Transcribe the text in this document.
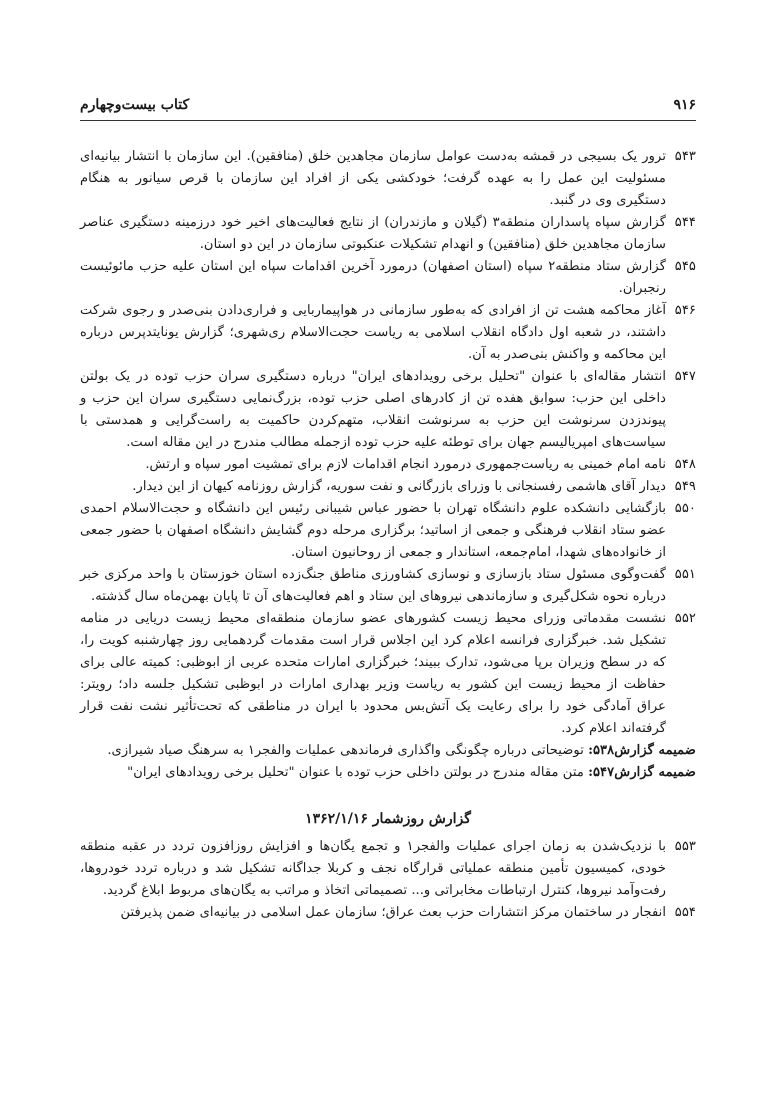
۹۱۶
کتاب بیست‌وچهارم
۵۴۳
ترور یک بسیجی در قمشه به‌دست عوامل سازمان مجاهدین خلق (منافقین). این سازمان با انتشار بیانیه‌ای مسئولیت این عمل را به عهده گرفت؛ خودکشی یکی از افراد این سازمان با قرص سیانور به هنگام دستگیری وی در گنبد.
۵۴۴
گزارش سپاه پاسداران منطقه۳ (گیلان و مازندران) از نتایج فعالیت‌های اخیر خود درزمینه دستگیری عناصر سازمان مجاهدین خلق (منافقین) و انهدام تشکیلات عنکبوتی سازمان در این دو استان.
۵۴۵
گزارش ستاد منطقه۲ سپاه (استان اصفهان) درمورد آخرین اقدامات سپاه این استان علیه حزب مائوئیست رنجبران.
۵۴۶
آغاز محاکمه هشت تن از افرادی که به‌طور سازمانی در هواپیماربایی و فراری‌دادن بنی‌صدر و رجوی شرکت داشتند، در شعبه اول دادگاه انقلاب اسلامی به ریاست حجت‌الاسلام ری‌شهری؛ گزارش یونایتدپرس درباره این محاکمه و واکنش بنی‌صدر به آن.
۵۴۷
انتشار مقاله‌ای با عنوان "تحلیل برخی رویدادهای ایران" درباره دستگیری سران حزب توده در یک بولتن داخلی این حزب: سوابق هفده تن از کادرهای اصلی حزب توده، بزرگ‌نمایی دستگیری سران این حزب و پیوندزدن سرنوشت این حزب به سرنوشت انقلاب، متهم‌کردن حاکمیت به راست‌گرایی و همدستی با سیاست‌های امپریالیسم جهان برای توطئه علیه حزب توده ازجمله مطالب مندرج در این مقاله است.
۵۴۸
نامه امام خمینی به ریاست‌جمهوری درمورد انجام اقدامات لازم برای تمشیت امور سپاه و ارتش.
۵۴۹
دیدار آقای هاشمی رفسنجانی با وزرای بازرگانی و نفت سوریه، گزارش روزنامه کیهان از این دیدار.
۵۵۰
بازگشایی دانشکده علوم دانشگاه تهران با حضور عباس شیبانی رئیس این دانشگاه و حجت‌الاسلام احمدی عضو ستاد انقلاب فرهنگی و جمعی از اساتید؛ برگزاری مرحله دوم گشایش دانشگاه اصفهان با حضور جمعی از خانواده‌های شهدا، امام‌جمعه، استاندار و جمعی از روحانیون استان.
۵۵۱
گفت‌وگوی مسئول ستاد بازسازی و نوسازی کشاورزی مناطق جنگ‌زده استان خوزستان با واحد مرکزی خبر درباره نحوه شکل‌گیری و سازماندهی نیروهای این ستاد و اهم فعالیت‌های آن تا پایان بهمن‌ماه سال گذشته.
۵۵۲
نشست مقدماتی وزرای محیط زیست کشورهای عضو سازمان منطقه‌ای محیط زیست دریایی در منامه تشکیل شد. خبرگزاری فرانسه اعلام کرد این اجلاس قرار است مقدمات گردهمایی روز چهارشنبه کویت را، که در سطح وزیران برپا می‌شود، تدارک ببیند؛ خبرگزاری امارات متحده عربی از ابوظبی: کمیته عالی برای حفاظت از محیط زیست این کشور به ریاست وزیر بهداری امارات در ابوظبی تشکیل جلسه داد؛ رویتر: عراق آمادگی خود را برای رعایت یک آتش‌بس محدود با ایران در مناطقی که تحت‌تأثیر نشت نفت قرار گرفته‌اند اعلام کرد.
ضمیمه گزارش۵۳۸: توضیحاتی درباره چگونگی واگذاری فرماندهی عملیات والفجر۱ به سرهنگ صیاد شیرازی.
ضمیمه گزارش۵۴۷: متن مقاله مندرج در بولتن داخلی حزب توده با عنوان "تحلیل برخی رویدادهای ایران"
گزارش روزشمار ۱۳۶۲/۱/۱۶
۵۵۳
با نزدیک‌شدن به زمان اجرای عملیات والفجر۱ و تجمع یگان‌ها و افزایش روزافزون تردد در عقبه منطقه خودی، کمیسیون تأمین منطقه عملیاتی قرارگاه نجف و کربلا جداگانه تشکیل شد و درباره تردد خودروها، رفت‌وآمد نیروها، کنترل ارتباطات مخابراتی و... تصمیماتی اتخاذ و مراتب به یگان‌های مربوط ابلاغ گردید.
۵۵۴
انفجار در ساختمان مرکز انتشارات حزب بعث عراق؛ سازمان عمل اسلامی در بیانیه‌ای ضمن پذیرفتن
